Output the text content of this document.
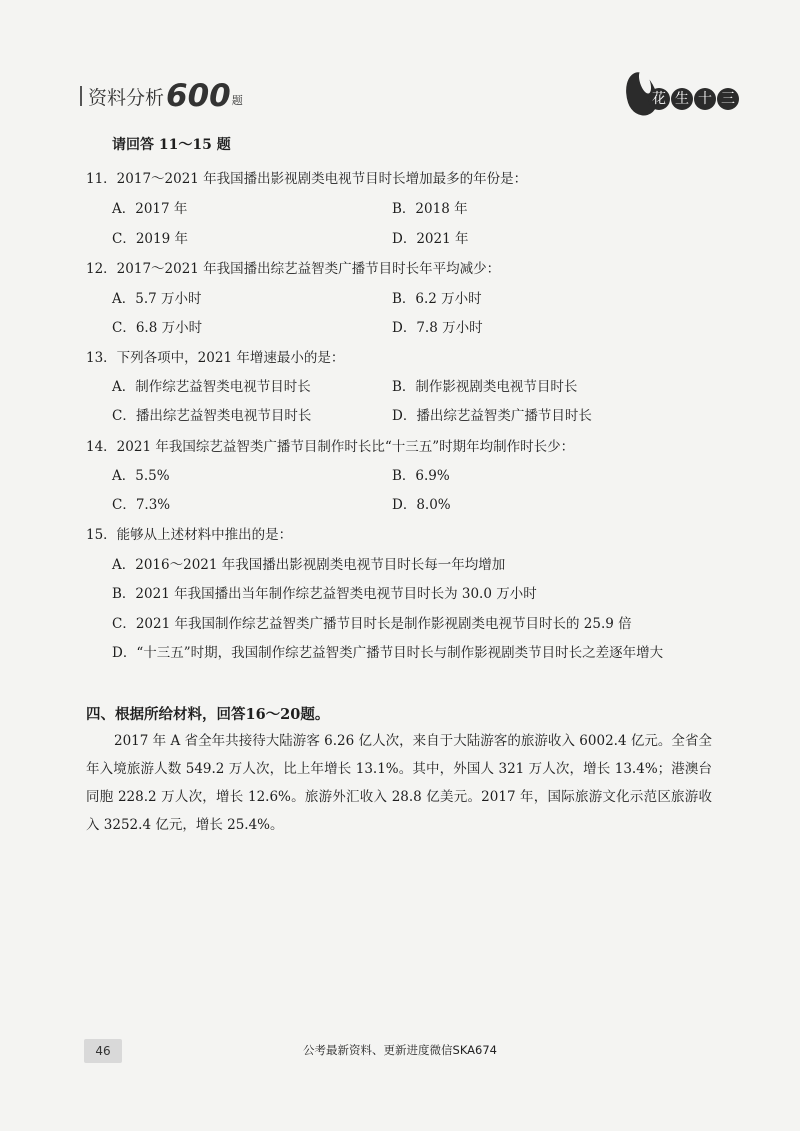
资料分析 600 题	花 生 十 三
请回答 11～15 题
11．2017～2021 年我国播出影视剧类电视节目时长增加最多的年份是：
A．2017 年	B．2018 年
C．2019 年	D．2021 年
12．2017～2021 年我国播出综艺益智类广播节目时长年平均减少：
A．5.7 万小时	B．6.2 万小时
C．6.8 万小时	D．7.8 万小时
13．下列各项中，2021 年增速最小的是：
A．制作综艺益智类电视节目时长	B．制作影视剧类电视节目时长
C．播出综艺益智类电视节目时长	D．播出综艺益智类广播节目时长
14．2021 年我国综艺益智类广播节目制作时长比“十三五”时期年均制作时长少：
A．5.5%	B．6.9%
C．7.3%	D．8.0%
15．能够从上述材料中推出的是：
A．2016～2021 年我国播出影视剧类电视节目时长每一年均增加
B．2021 年我国播出当年制作综艺益智类电视节目时长为 30.0 万小时
C．2021 年我国制作综艺益智类广播节目时长是制作影视剧类电视节目时长的 25.9 倍
D．“十三五”时期，我国制作综艺益智类广播节目时长与制作影视剧类节目时长之差逐年增大
四、根据所给材料，回答16～20题。
2017 年 A 省全年共接待大陆游客 6.26 亿人次，来自于大陆游客的旅游收入 6002.4 亿元。全省全年入境旅游人数 549.2 万人次，比上年增长 13.1%。其中，外国人 321 万人次，增长 13.4%；港澳台同胞 228.2 万人次，增长 12.6%。旅游外汇收入 28.8 亿美元。2017 年，国际旅游文化示范区旅游收入 3252.4 亿元，增长 25.4%。
46	公考最新资料、更新进度微信SKA674
